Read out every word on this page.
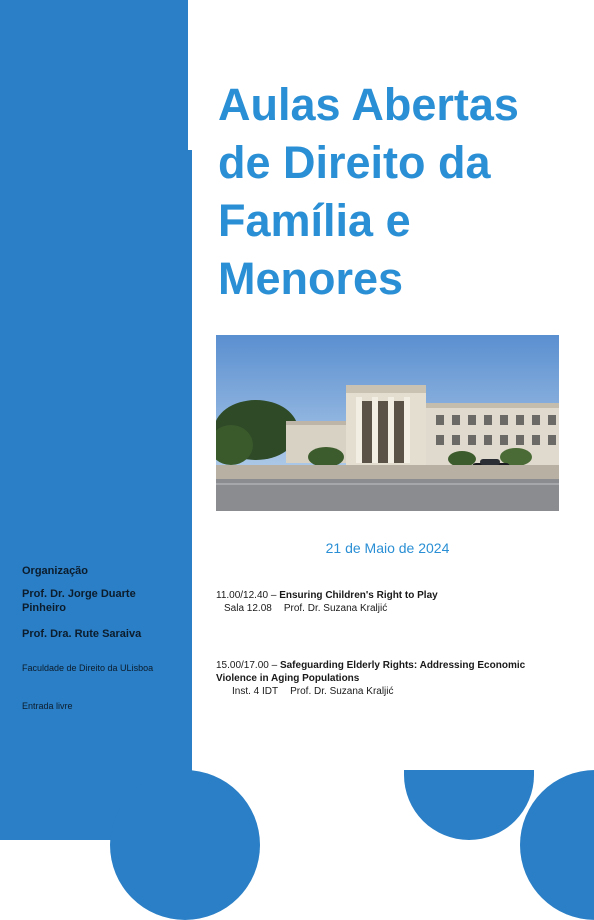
Aulas Abertas
de Direito da
Família e
Menores
21 de Maio de 2024
Organização
Prof. Dr. Jorge Duarte Pinheiro
Prof. Dra. Rute Saraiva
Faculdade de Direito da ULisboa
Entrada livre
11.00/12.40 – Ensuring Children's Right to Play
Sala 12.08 Prof. Dr. Suzana Kraljić
15.00/17.00 – Safeguarding Elderly Rights: Addressing Economic Violence in Aging Populations
Inst. 4 IDT Prof. Dr. Suzana Kraljić
